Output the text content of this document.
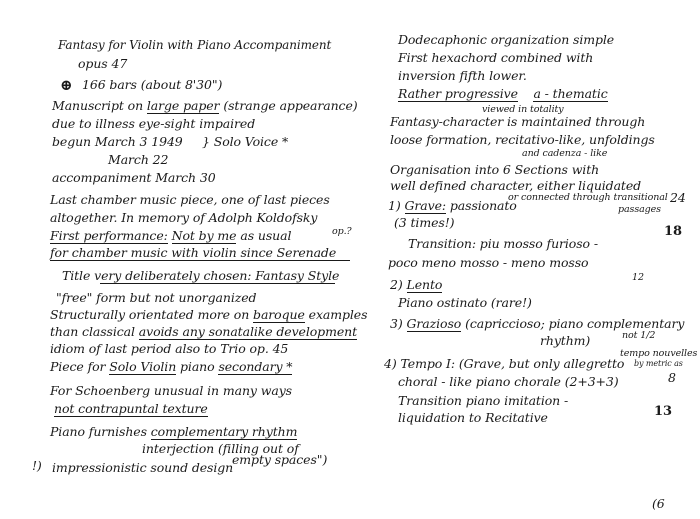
Fantasy for Violin with Piano Accompaniment
opus 47
⊕ 166 bars (about 8'30")
Manuscript on large paper (strange appearance)
due to illness eye-sight impaired
begun March 3 1949 } Solo Voice *
March 22
accompaniment March 30
Last chamber music piece, one of last pieces
altogether. In memory of Adolph Koldofsky
First performance: Not by me as usual	op.?
for chamber music with violin since Serenade
Title very deliberately chosen: Fantasy Style
"free" form but not unorganized
Structurally orientated more on baroque examples
than classical avoids any sonatalike development
idiom of last period also to Trio op. 45
Piece for Solo Violin piano secondary *
For Schoenberg unusual in many ways
not contrapuntal texture
Piano furnishes complementary rhythm
interjection (filling out of
!) impressionistic sound design
empty spaces")
Dodecaphonic organization simple
First hexachord combined with
inversion fifth lower.
Rather progressive a - thematic
viewed in totality
Fantasy-character is maintained through
loose formation, recitativo-like, unfoldings
and cadenza - like
Organisation into 6 Sections with
well defined character, either liquidated
or connected through transitional
passages
1) Grave: passionato
24
(3 times!)
Transition: piu mosso furioso -
18
poco meno mosso - meno mosso
2) Lento	12
Piano ostinato (rare!)
3) Grazioso (capriccioso; piano complementary
rhythm)	not 1/2
tempo nouvelles
by metric as
4) Tempo I: (Grave, but only allegretto
choral - like piano chorale (2+3+3)	8
Transition piano imitation -
liquidation to Recitative	13
(6
